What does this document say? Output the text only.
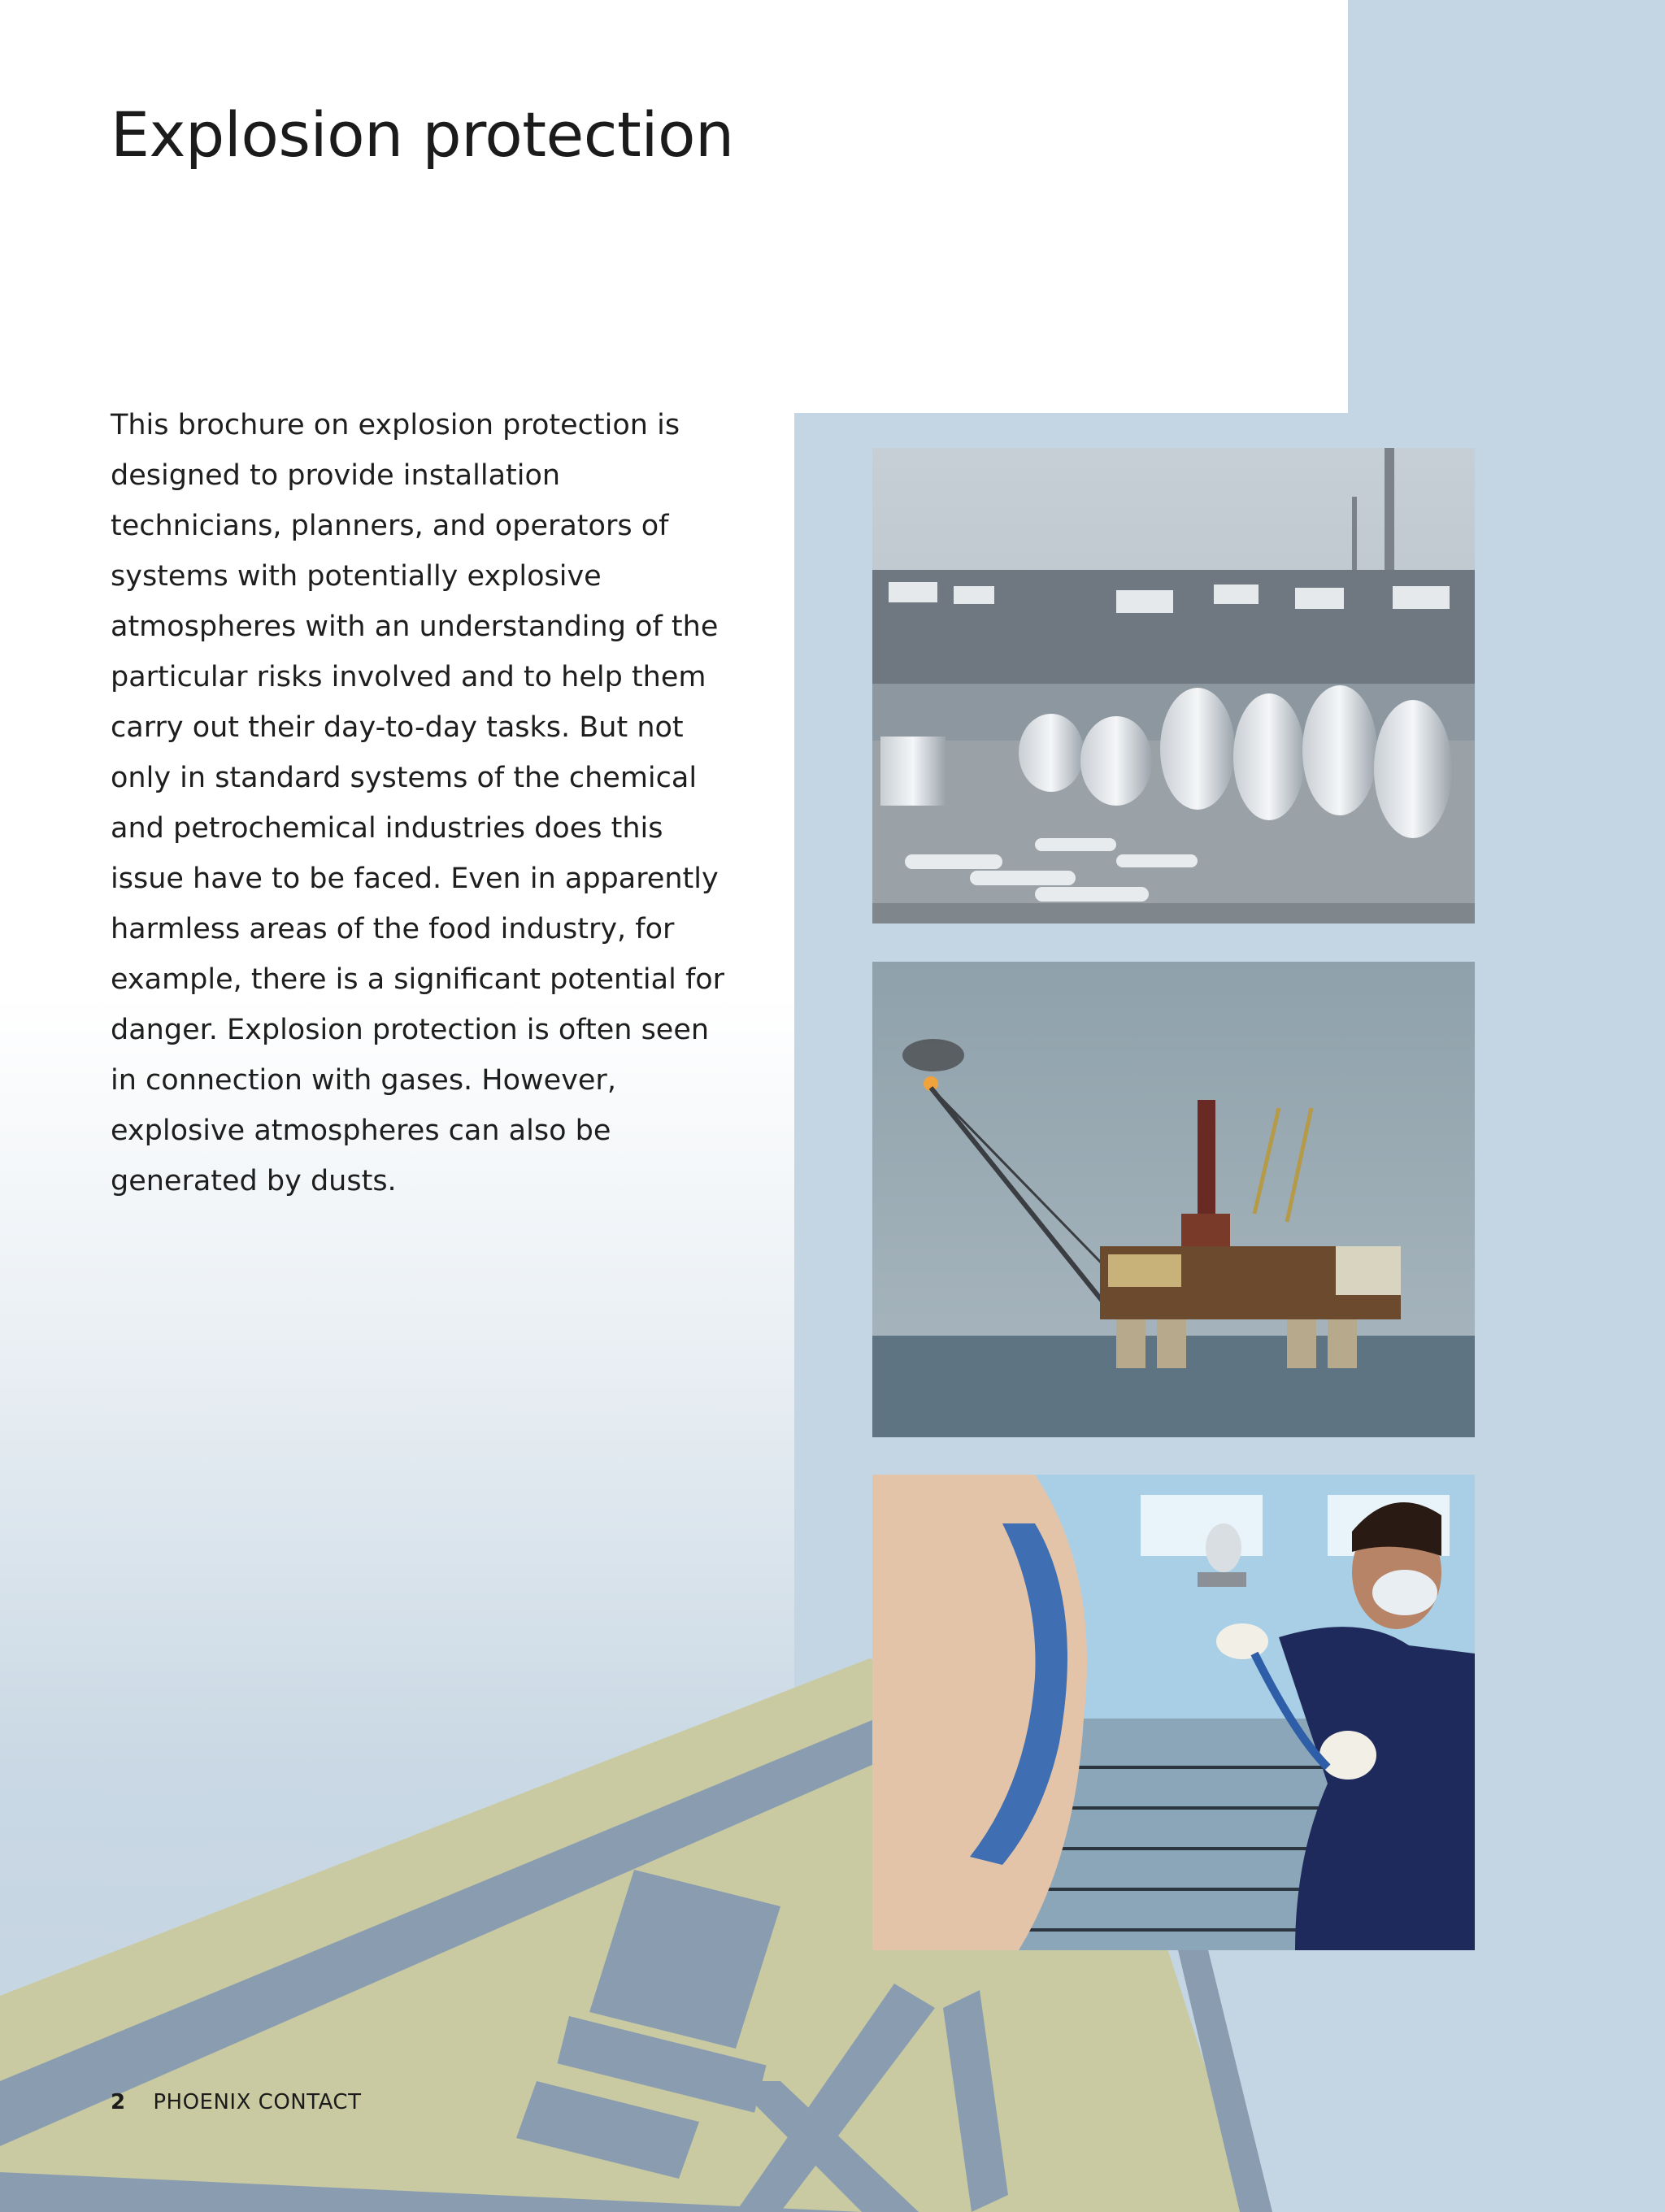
Explosion protection

This brochure on explosion protection is designed to provide installation technicians, planners, and operators of systems with potentially explosive atmospheres with an understanding of the particular risks involved and to help them carry out their day-to-day tasks. But not only in standard systems of the chemical and petrochemical industries does this issue have to be faced. Even in apparently harmless areas of the food industry, for example, there is a significant potential for danger. Explosion protection is often seen in connection with gases. However, explosive atmospheres can also be generated by dusts.

2 PHOENIX CONTACT
